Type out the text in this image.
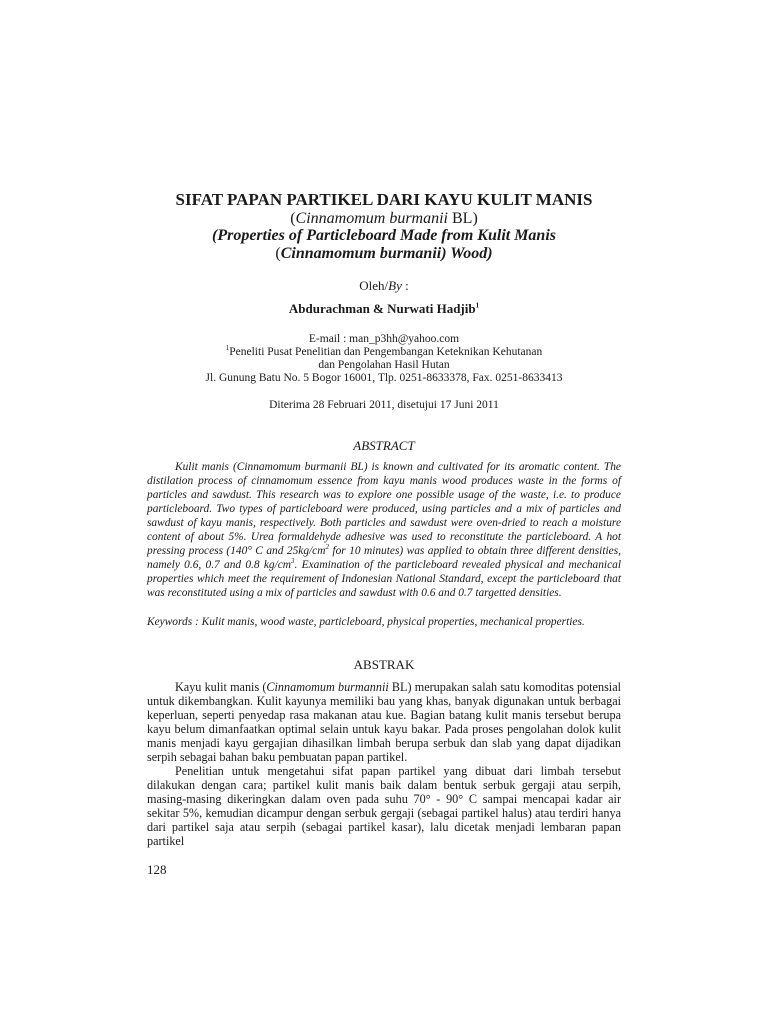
SIFAT PAPAN PARTIKEL DARI KAYU KULIT MANIS
(Cinnamomum burmanii BL)
(Properties of Particleboard Made from Kulit Manis
(Cinnamomum burmanii) Wood)
Oleh/By :
Abdurachman & Nurwati Hadjib$^1$
E-mail : man_p3hh@yahoo.com
$^1$Peneliti Pusat Penelitian dan Pengembangan Keteknikan Kehutanan
dan Pengolahan Hasil Hutan
Jl. Gunung Batu No. 5 Bogor 16001, Tlp. 0251-8633378, Fax. 0251-8633413
Diterima 28 Februari 2011, disetujui 17 Juni 2011
ABSTRACT

Kulit manis (Cinnamomum burmanii BL) is known and cultivated for its aromatic content. The distilation process of cinnamomum essence from kayu manis wood produces waste in the forms of particles and sawdust. This research was to explore one possible usage of the waste, i.e. to produce particleboard. Two types of particleboard were produced, using particles and a mix of particles and sawdust of kayu manis, respectively. Both particles and sawdust were oven-dried to reach a moisture content of about 5%. Urea formaldehyde adhesive was used to reconstitute the particleboard. A hot pressing process (140° C and $25kg/cm^2$ for 10 minutes) was applied to obtain three different densities, namely 0.6, 0.7 and 0.8 $kg/cm^3$. Examination of the particleboard revealed physical and mechanical properties which meet the requirement of Indonesian National Standard, except the particleboard that was reconstituted using a mix of particles and sawdust with 0.6 and 0.7 targetted densities.

Keywords : Kulit manis, wood waste, particleboard, physical properties, mechanical properties.
ABSTRAK

Kayu kulit manis (Cinnamomum burmannii BL) merupakan salah satu komoditas potensial untuk dikembangkan. Kulit kayunya memiliki bau yang khas, banyak digunakan untuk berbagai keperluan, seperti penyedap rasa makanan atau kue. Bagian batang kulit manis tersebut berupa kayu belum dimanfaatkan optimal selain untuk kayu bakar. Pada proses pengolahan dolok kulit manis menjadi kayu gergajian dihasilkan limbah berupa serbuk dan slab yang dapat dijadikan serpih sebagai bahan baku pembuatan papan partikel.

Penelitian untuk mengetahui sifat papan partikel yang dibuat dari limbah tersebut dilakukan dengan cara; partikel kulit manis baik dalam bentuk serbuk gergaji atau serpih, masing-masing dikeringkan dalam oven pada suhu 70° - 90° C sampai mencapai kadar air sekitar 5%, kemudian dicampur dengan serbuk gergaji (sebagai partikel halus) atau terdiri hanya dari partikel saja atau serpih (sebagai partikel kasar), lalu dicetak menjadi lembaran papan partikel

128
